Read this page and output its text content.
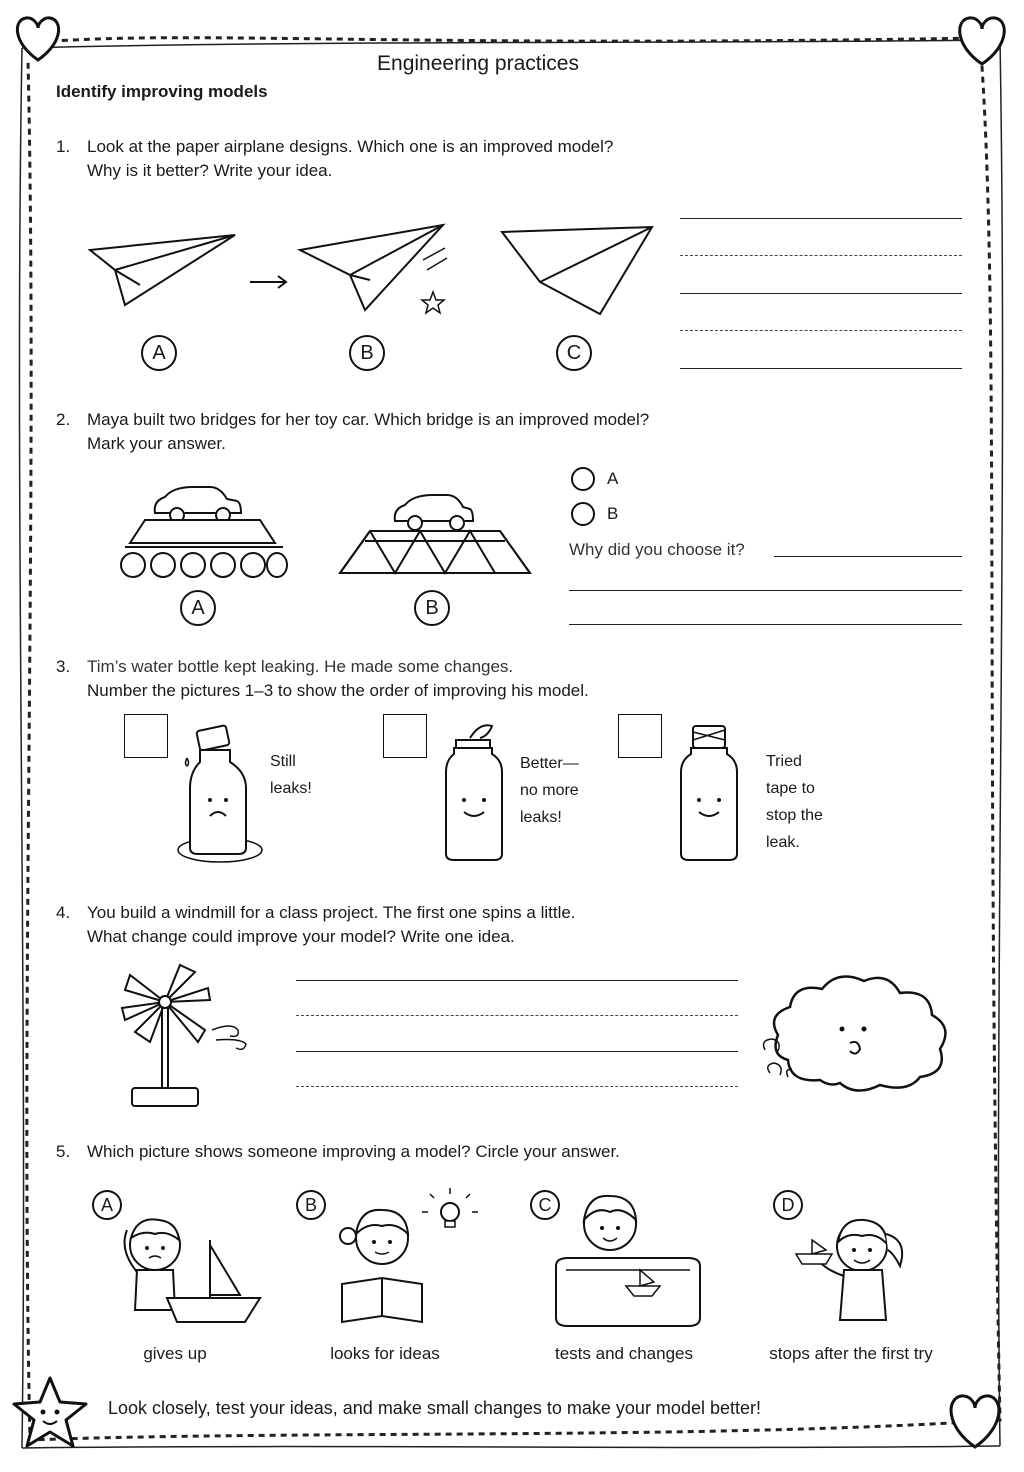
Engineering practices
Identify improving models
1. Look at the paper airplane designs. Which one is an improved model?
Why is it better? Write your idea.
A	B	C
2. Maya built two bridges for her toy car. Which bridge is an improved model?
Mark your answer.
A	B
A
B
Why did you choose it?
3. Tim’s water bottle kept leaking. He made some changes.
Number the pictures 1–3 to show the order of improving his model.
Still
leaks!
Better—
no more
leaks!
Tried
tape to
stop the
leak.
4. You build a windmill for a class project. The first one spins a little.
What change could improve your model? Write one idea.
5. Which picture shows someone improving a model? Circle your answer.
A	B	C	D
gives up	looks for ideas	tests and changes	stops after the first try
Look closely, test your ideas, and make small changes to make your model better!
